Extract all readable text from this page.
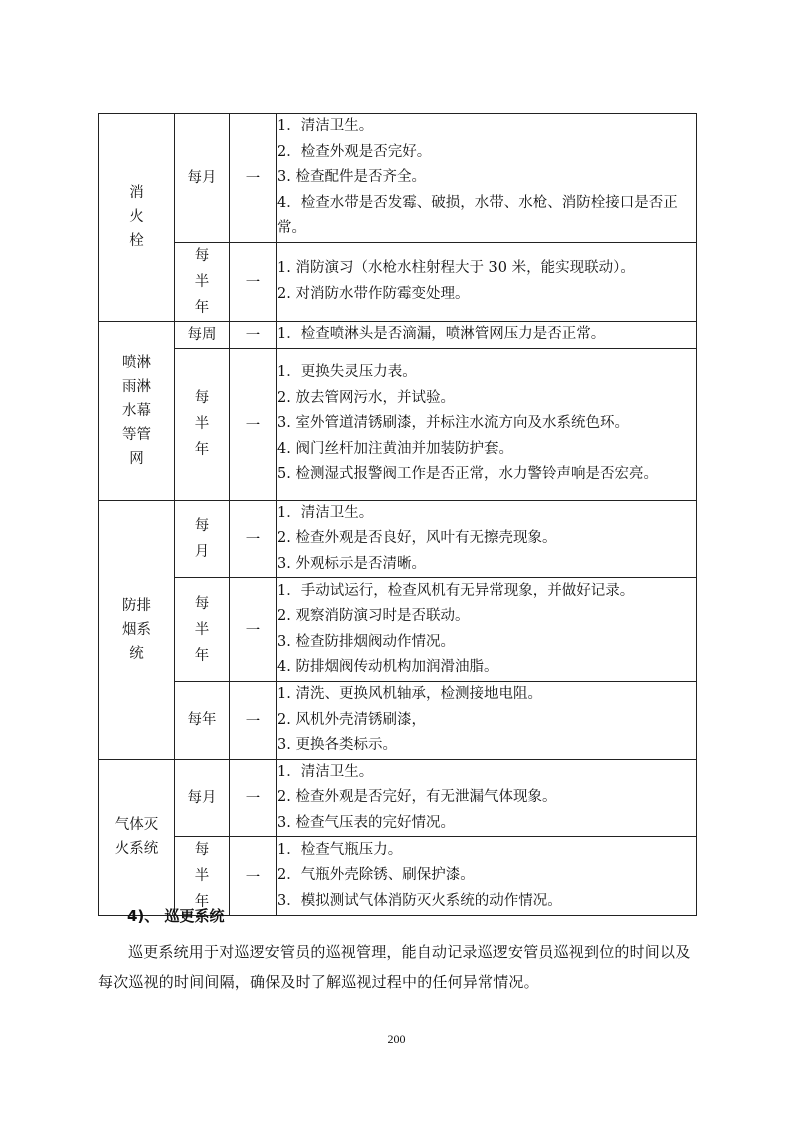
消火栓	每月	一	1．清洁卫生。
2．检查外观是否完好。
3. 检查配件是否齐全。
4．检查水带是否发霉、破损，水带、水枪、消防栓接口是否正常。

	每半年	一	1. 消防演习（水枪水柱射程大于 30 米，能实现联动）。
2. 对消防水带作防霉变处理。

喷淋雨淋水幕等管网	每周	一	1．检查喷淋头是否滴漏，喷淋管网压力是否正常。

	每半年	一	1．更换失灵压力表。
2. 放去管网污水，并试验。
3. 室外管道清锈刷漆，并标注水流方向及水系统色环。
4. 阀门丝杆加注黄油并加装防护套。
5. 检测湿式报警阀工作是否正常，水力警铃声响是否宏亮。

防排烟系统	每月	一	1．清洁卫生。
2. 检查外观是否良好，风叶有无擦壳现象。
3. 外观标示是否清晰。

	每半年	一	1．手动试运行，检查风机有无异常现象，并做好记录。
2. 观察消防演习时是否联动。
3. 检查防排烟阀动作情况。
4. 防排烟阀传动机构加润滑油脂。

	每年	一	1. 清洗、更换风机轴承，检测接地电阻。
2. 风机外壳清锈刷漆，
3. 更换各类标示。

气体灭火系统	每月	一	1．清洁卫生。
2. 检查外观是否完好，有无泄漏气体现象。
3. 检查气压表的完好情况。

	每半年	一	1．检查气瓶压力。
2．气瓶外壳除锈、刷保护漆。
3．模拟测试气体消防灭火系统的动作情况。
4)、 巡更系统
巡更系统用于对巡逻安管员的巡视管理，能自动记录巡逻安管员巡视到位的时间以及每次巡视的时间间隔，确保及时了解巡视过程中的任何异常情况。
200
